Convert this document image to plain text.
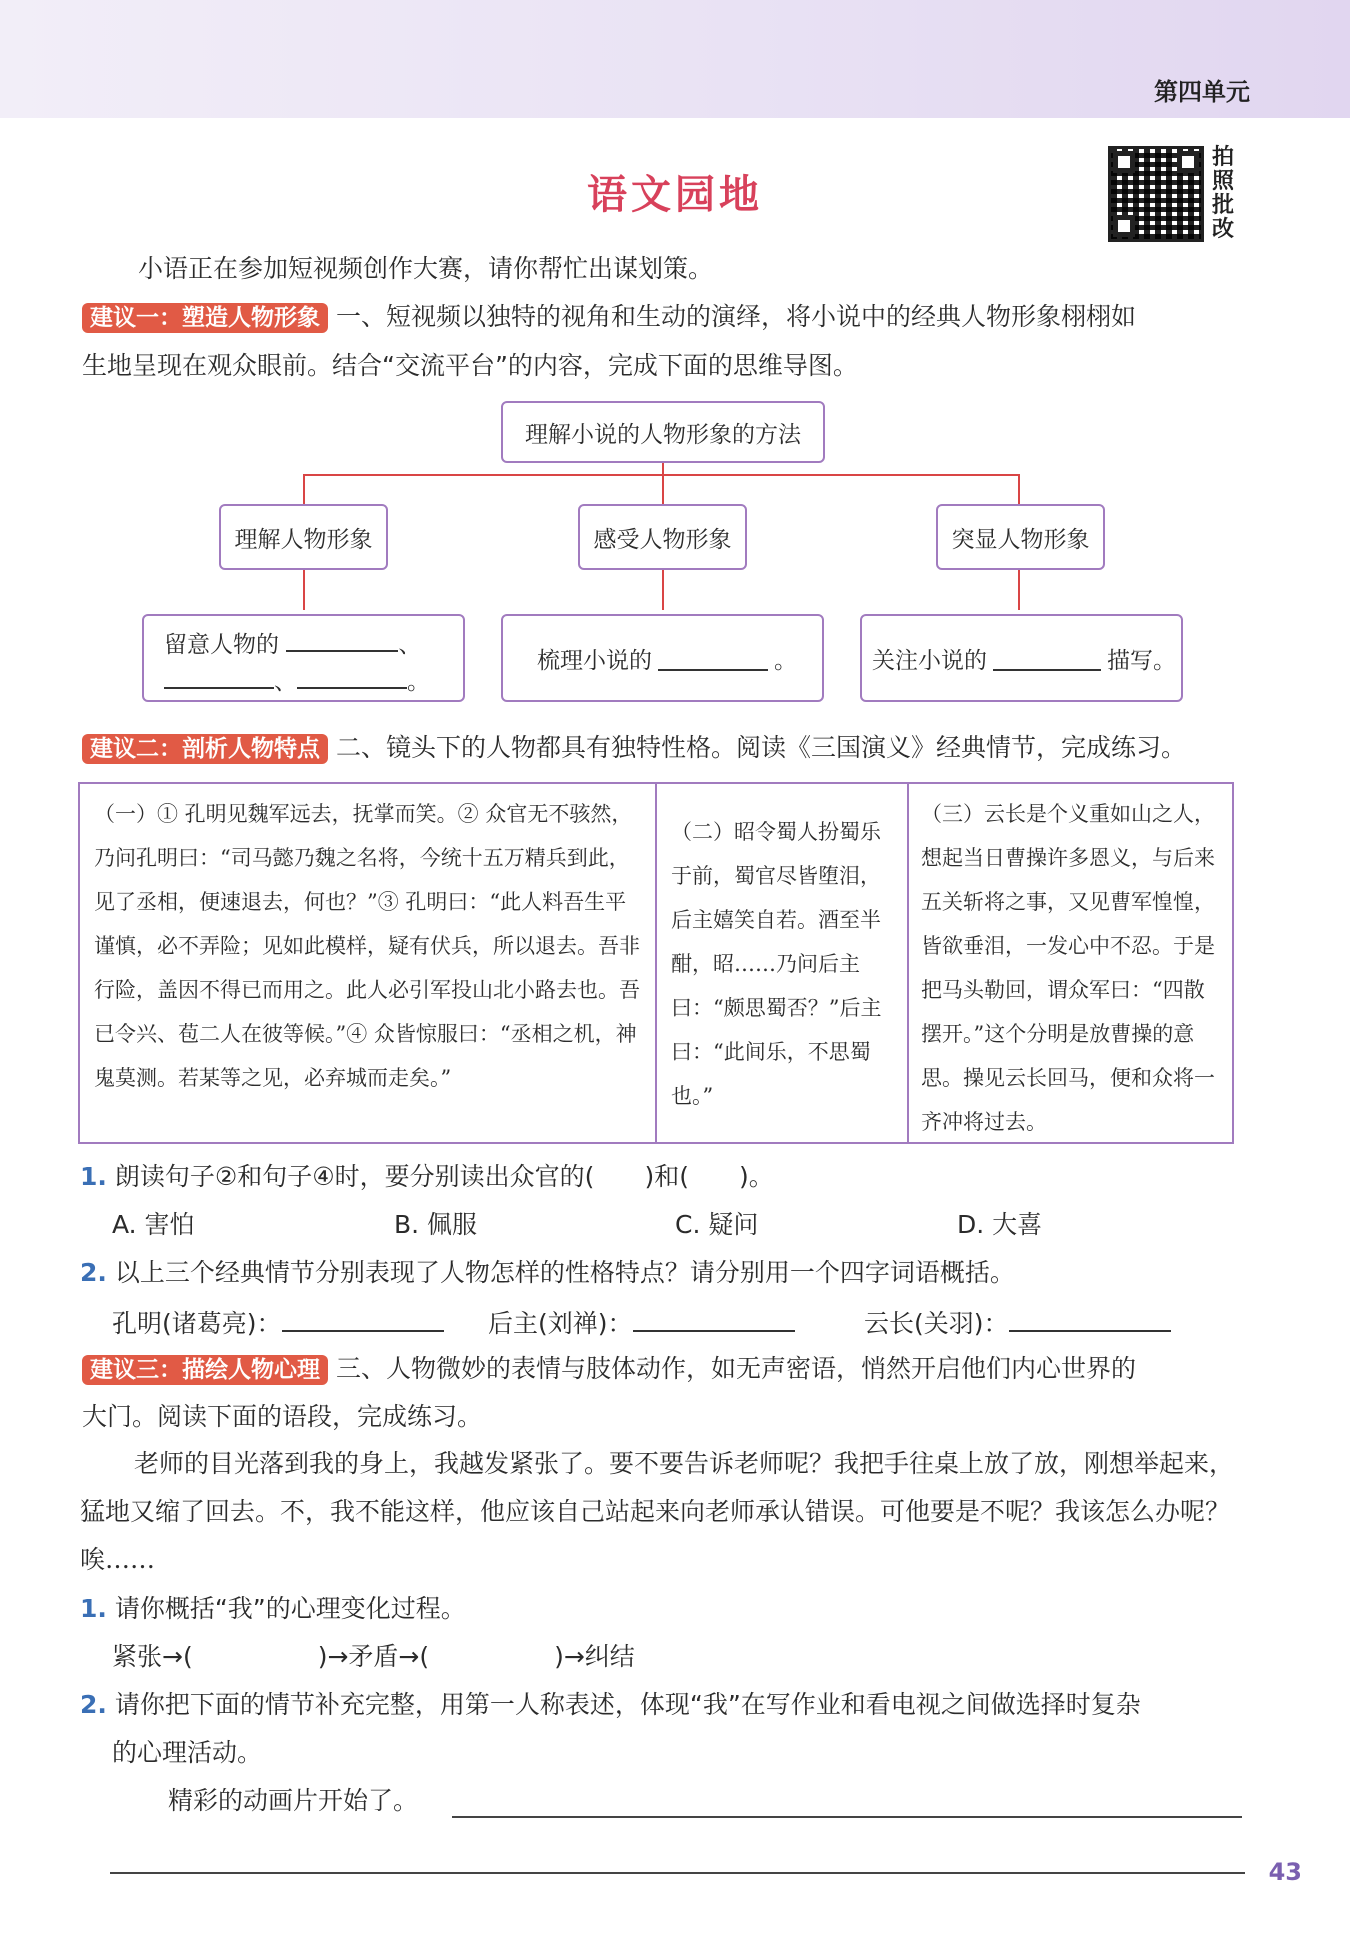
第四单元
语文园地
拍
照
批
改
小语正在参加短视频创作大赛，请你帮忙出谋划策。
建议一：塑造人物形象 一、短视频以独特的视角和生动的演绎，将小说中的经典人物形象栩栩如
生地呈现在观众眼前。结合“交流平台”的内容，完成下面的思维导图。
理解小说的人物形象的方法
理解人物形象	感受人物形象	突显人物形象
留意人物的	、
、	。
梳理小说的	。	关注小说的	描写。
建议二：剖析人物特点 二、镜头下的人物都具有独特性格。阅读《三国演义》经典情节，完成练习。
（一）① 孔明见魏军远去，抚掌而笑。② 众官无不骇然，乃问孔明曰：“司马懿乃魏之名将，今统十五万精兵到此，见了丞相，便速退去，何也？”③ 孔明曰：“此人料吾生平谨慎，必不弄险；见如此模样，疑有伏兵，所以退去。吾非行险，盖因不得已而用之。此人必引军投山北小路去也。吾已令兴、苞二人在彼等候。”④ 众皆惊服曰：“丞相之机，神鬼莫测。若某等之见，必弃城而走矣。”
（二）昭令蜀人扮蜀乐于前，蜀官尽皆堕泪，后主嬉笑自若。酒至半酣，昭……乃问后主曰：“颇思蜀否？”后主曰：“此间乐，不思蜀也。”
（三）云长是个义重如山之人，想起当日曹操许多恩义，与后来五关斩将之事，又见曹军惶惶，皆欲垂泪，一发心中不忍。于是把马头勒回，谓众军曰：“四散摆开。”这个分明是放曹操的意思。操见云长回马，便和众将一齐冲将过去。
1. 朗读句子②和句子④时，要分别读出众官的(　　)和(　　)。
A. 害怕	B. 佩服	C. 疑问	D. 大喜
2. 以上三个经典情节分别表现了人物怎样的性格特点？请分别用一个四字词语概括。
孔明(诸葛亮)：	后主(刘禅)：	云长(关羽)：
建议三：描绘人物心理 三、人物微妙的表情与肢体动作，如无声密语，悄然开启他们内心世界的
大门。阅读下面的语段，完成练习。
老师的目光落到我的身上，我越发紧张了。要不要告诉老师呢？我把手往桌上放了放，刚想举起来，猛地又缩了回去。不，我不能这样，他应该自己站起来向老师承认错误。可他要是不呢？我该怎么办呢？唉……
1. 请你概括“我”的心理变化过程。
紧张→(　　　　　)→矛盾→(　　　　　)→纠结
2. 请你把下面的情节补充完整，用第一人称表述，体现“我”在写作业和看电视之间做选择时复杂
的心理活动。
精彩的动画片开始了。
43
